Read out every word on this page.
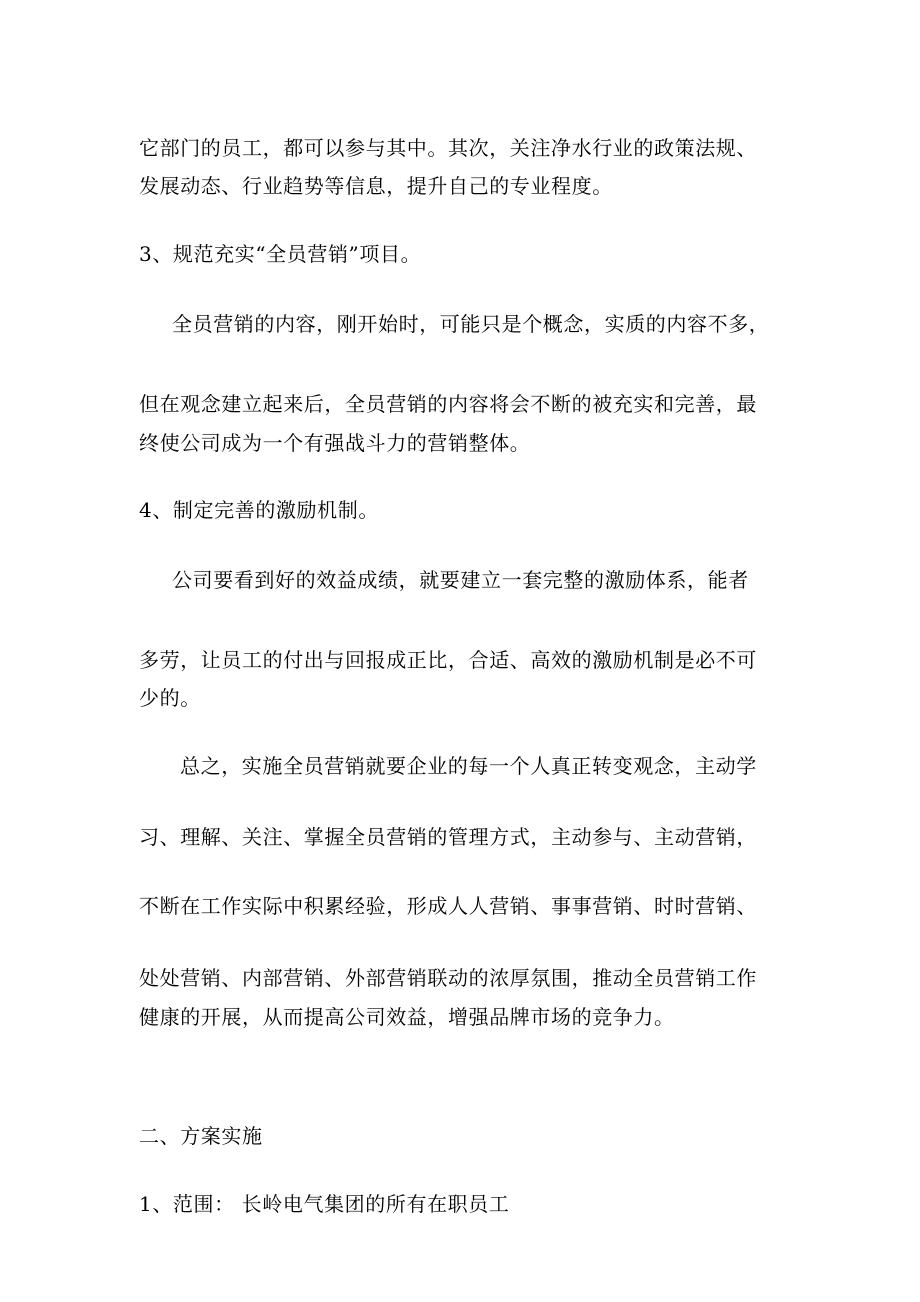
它部门的员工，都可以参与其中。其次，关注净水行业的政策法规、
发展动态、行业趋势等信息，提升自己的专业程度。
3、规范充实“全员营销”项目。
全员营销的内容，刚开始时，可能只是个概念，实质的内容不多，
但在观念建立起来后，全员营销的内容将会不断的被充实和完善，最
终使公司成为一个有强战斗力的营销整体。
4、制定完善的激励机制。
公司要看到好的效益成绩，就要建立一套完整的激励体系，能者
多劳，让员工的付出与回报成正比，合适、高效的激励机制是必不可
少的。
总之，实施全员营销就要企业的每一个人真正转变观念，主动学
习、理解、关注、掌握全员营销的管理方式，主动参与、主动营销，
不断在工作实际中积累经验，形成人人营销、事事营销、时时营销、
处处营销、内部营销、外部营销联动的浓厚氛围，推动全员营销工作
健康的开展，从而提高公司效益，增强品牌市场的竞争力。
二、方案实施
1、范围： 长岭电气集团的所有在职员工
